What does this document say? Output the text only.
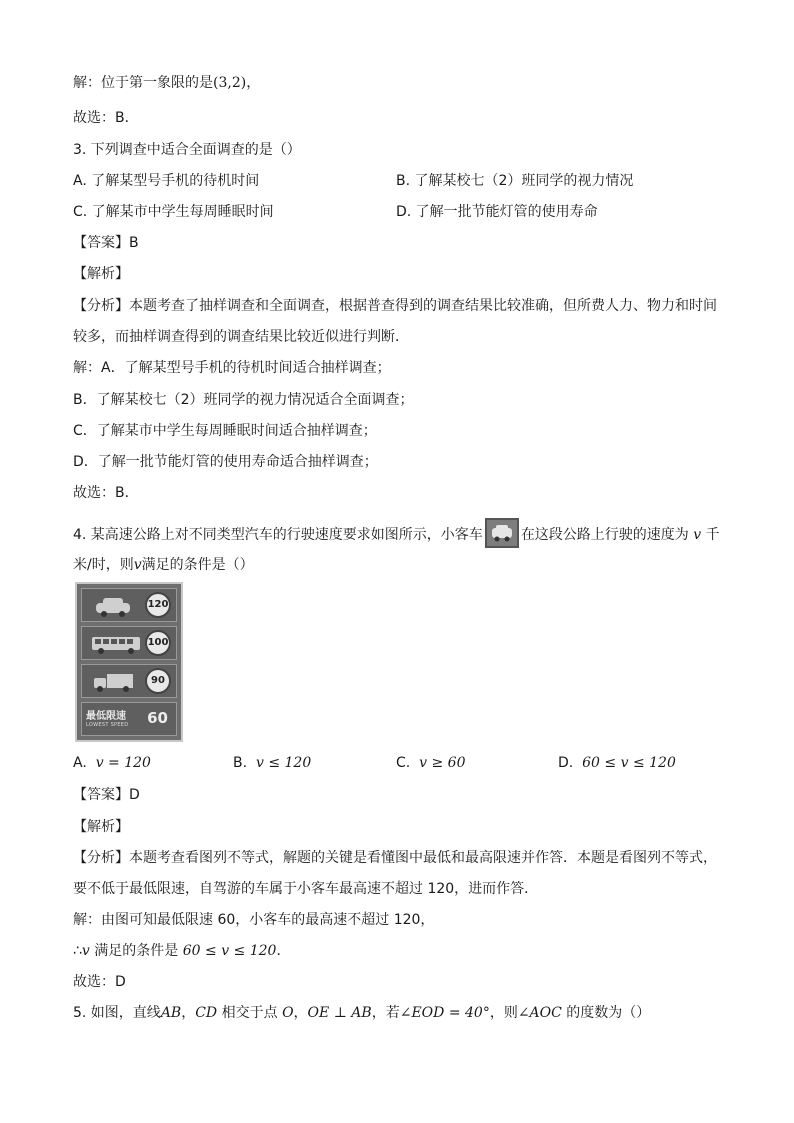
解：位于第一象限的是(3,2)，
故选：B．
3. 下列调查中适合全面调查的是（）
A. 了解某型号手机的待机时间	B. 了解某校七（2）班同学的视力情况
C. 了解某市中学生每周睡眠时间	D. 了解一批节能灯管的使用寿命
【答案】B
【解析】
【分析】本题考查了抽样调查和全面调查，根据普查得到的调查结果比较准确，但所费人力、物力和时间
较多，而抽样调查得到的调查结果比较近似进行判断．
解：A．了解某型号手机的待机时间适合抽样调查；
B．了解某校七（2）班同学的视力情况适合全面调查；
C．了解某市中学生每周睡眠时间适合抽样调查；
D．了解一批节能灯管的使用寿命适合抽样调查；
故选：B．
4. 某高速公路上对不同类型汽车的行驶速度要求如图所示，小客车	在这段公路上行驶的速度为 v 千
米/时，则v满足的条件是（）
120
100
90
最低限速
LOWEST SPEED 60
A. v = 120	B. v ≤ 120	C. v ≥ 60	D. 60 ≤ v ≤ 120
【答案】D
【解析】
【分析】本题考查看图列不等式，解题的关键是看懂图中最低和最高限速并作答．本题是看图列不等式，
要不低于最低限速，自驾游的车属于小客车最高速不超过 120，进而作答．
解：由图可知最低限速 60，小客车的最高速不超过 120，
∴v 满足的条件是 60 ≤ v ≤ 120．
故选：D
5. 如图，直线AB，CD 相交于点 O，OE ⊥ AB，若∠EOD = 40°，则∠AOC 的度数为（）
